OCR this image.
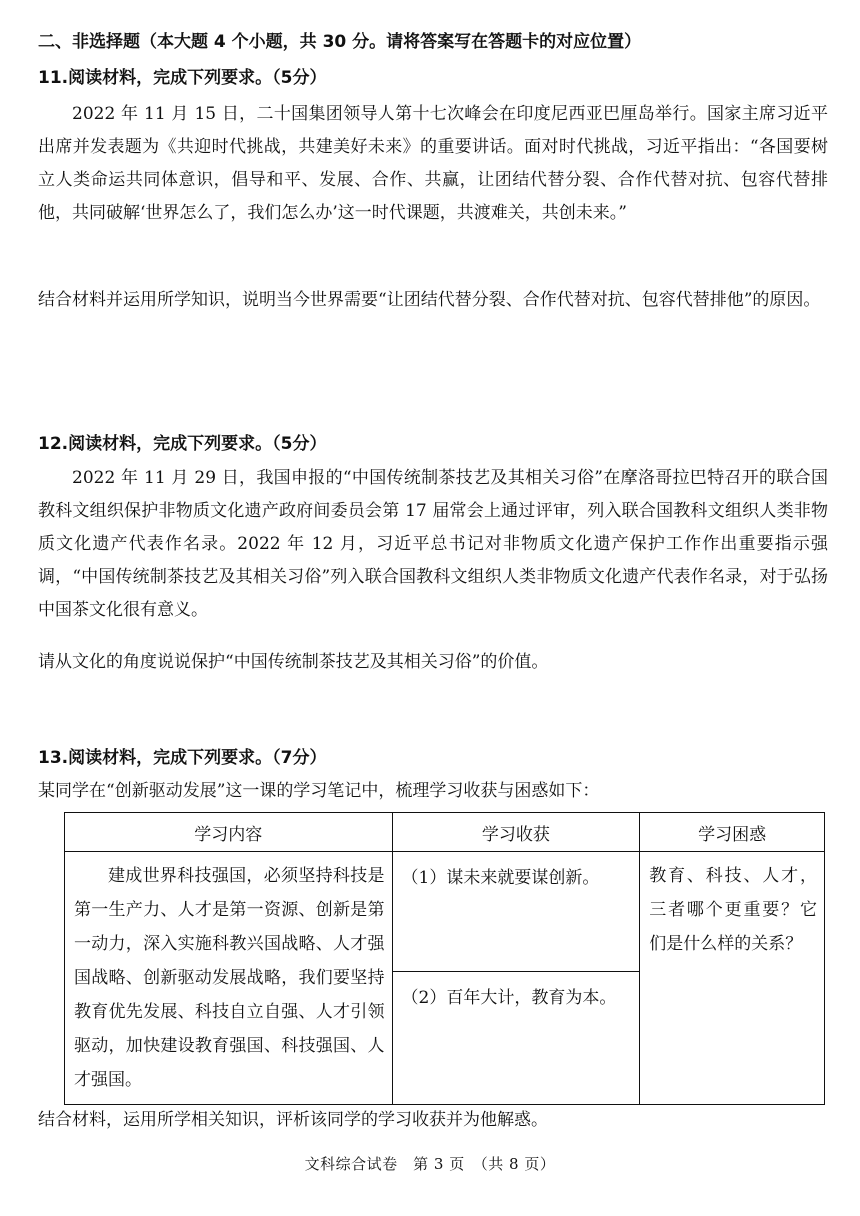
二、非选择题（本大题 4 个小题，共 30 分。请将答案写在答题卡的对应位置）
11.阅读材料，完成下列要求。（5分）
2022 年 11 月 15 日，二十国集团领导人第十七次峰会在印度尼西亚巴厘岛举行。国家主席习近平出席并发表题为《共迎时代挑战，共建美好未来》的重要讲话。面对时代挑战，习近平指出：“各国要树立人类命运共同体意识，倡导和平、发展、合作、共赢，让团结代替分裂、合作代替对抗、包容代替排他，共同破解‘世界怎么了，我们怎么办’这一时代课题，共渡难关，共创未来。”
结合材料并运用所学知识，说明当今世界需要“让团结代替分裂、合作代替对抗、包容代替排他”的原因。
12.阅读材料，完成下列要求。（5分）
2022 年 11 月 29 日，我国申报的“中国传统制茶技艺及其相关习俗”在摩洛哥拉巴特召开的联合国教科文组织保护非物质文化遗产政府间委员会第 17 届常会上通过评审，列入联合国教科文组织人类非物质文化遗产代表作名录。2022 年 12 月，习近平总书记对非物质文化遗产保护工作作出重要指示强调，“中国传统制茶技艺及其相关习俗”列入联合国教科文组织人类非物质文化遗产代表作名录，对于弘扬中国茶文化很有意义。
请从文化的角度说说保护“中国传统制茶技艺及其相关习俗”的价值。
13.阅读材料，完成下列要求。（7分）
某同学在“创新驱动发展”这一课的学习笔记中，梳理学习收获与困惑如下：
学习内容	学习收获	学习困惑

建成世界科技强国，必须坚持科技是第一生产力、人才是第一资源、创新是第一动力，深入实施科教兴国战略、人才强国战略、创新驱动发展战略，我们要坚持教育优先发展、科技自立自强、人才引领驱动，加快建设教育强国、科技强国、人才强国。	（1）谋未来就要谋创新。	教育、科技、人才，三者哪个更重要？它们是什么样的关系？

	（2）百年大计，教育为本。	
结合材料，运用所学相关知识，评析该同学的学习收获并为他解惑。
文科综合试卷　第 3 页　（共 8 页）
